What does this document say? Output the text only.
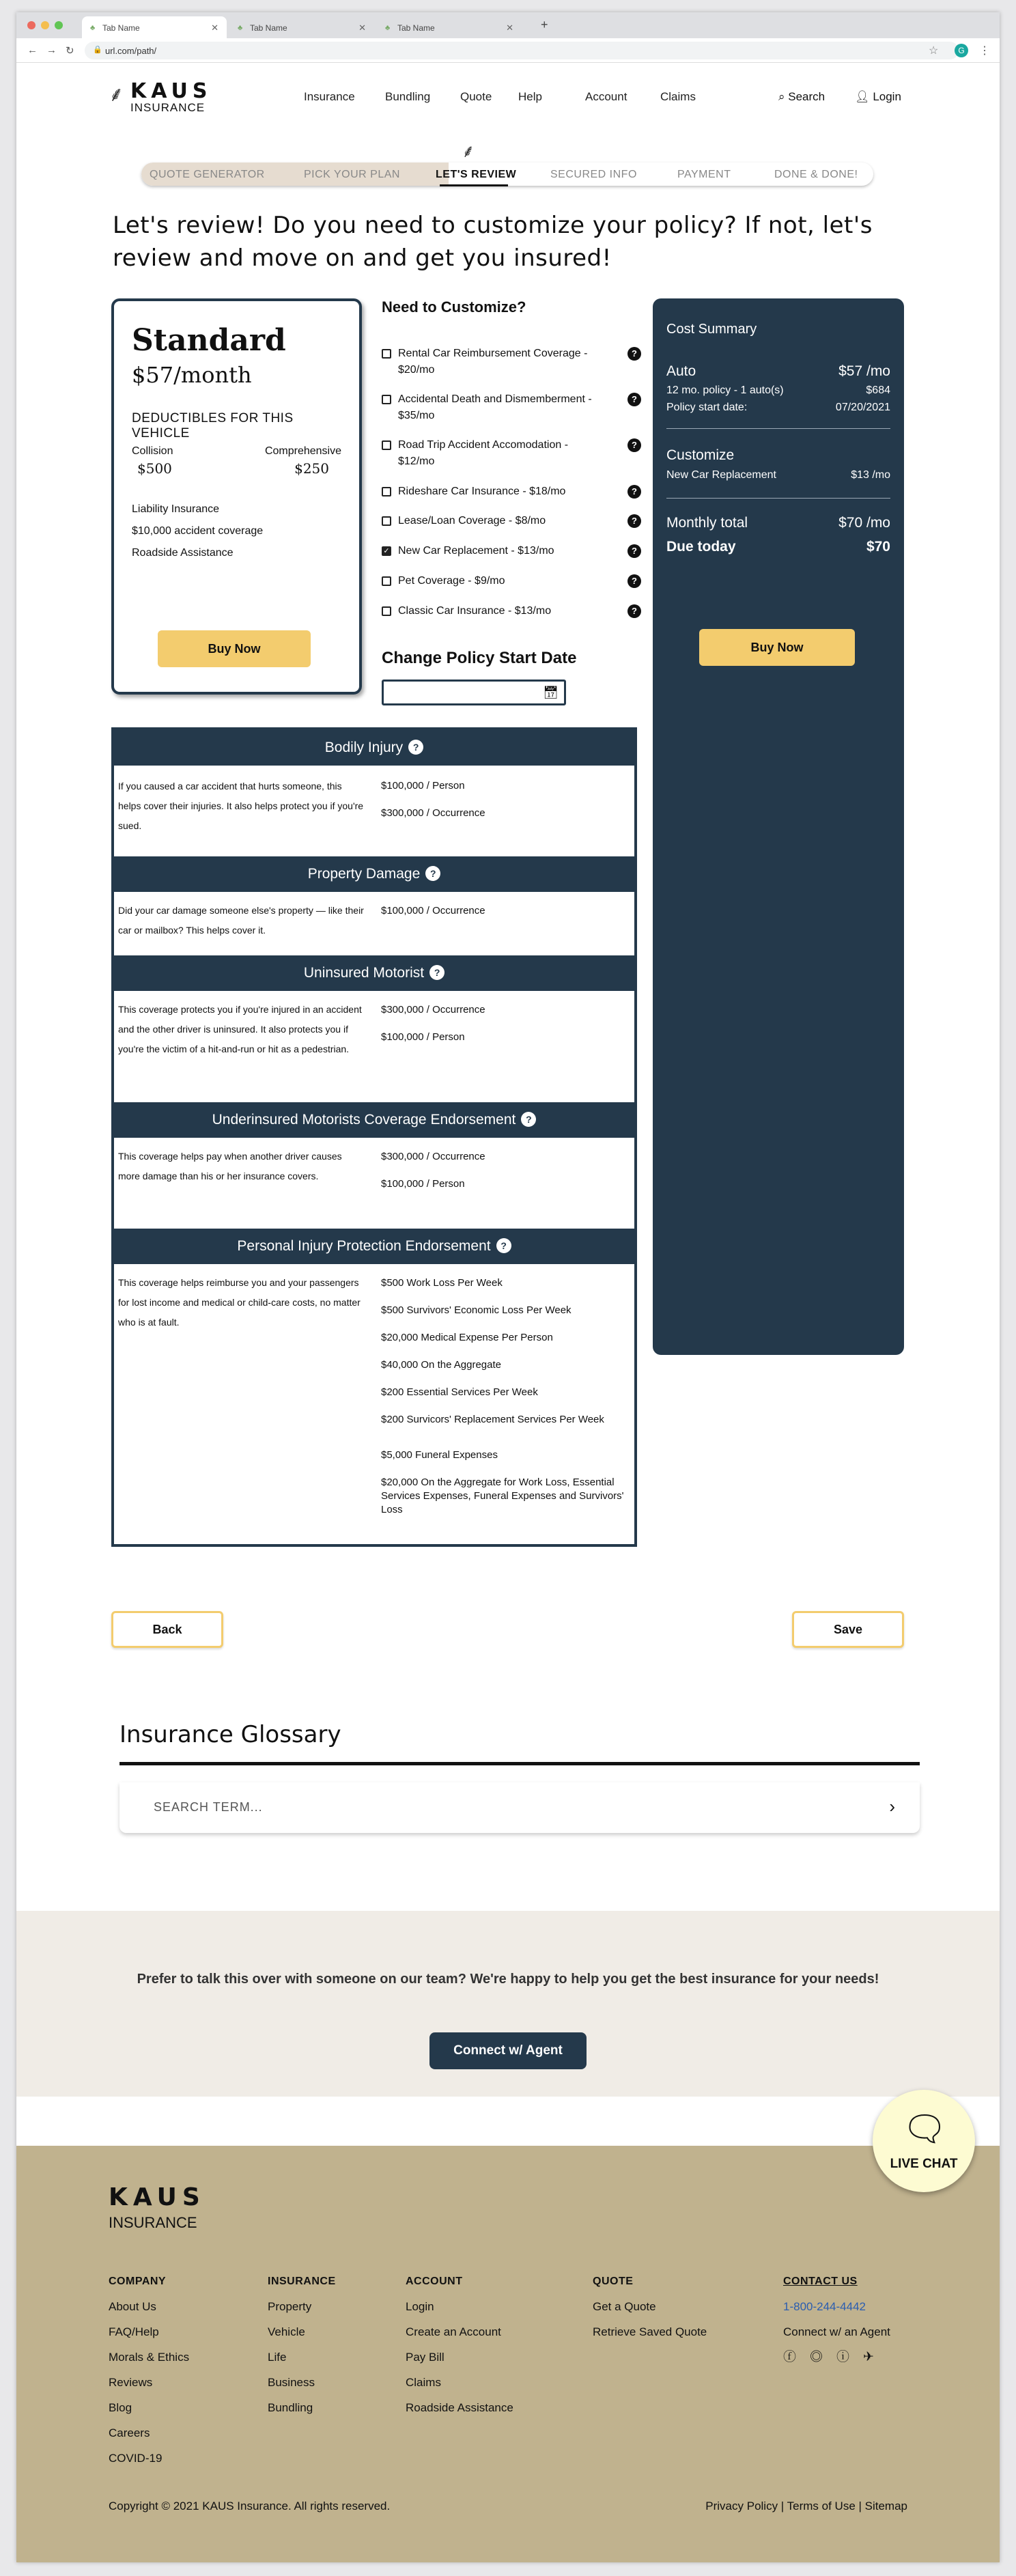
♣ Tab Name	✕	♣ Tab Name	✕	♣ Tab Name	✕ +
← → ↻ 🔒 url.com/path/	☆	G	⋮
⸙ KAUS
INSURANCE
Insurance	Bundling	Quote Help	Account	Claims	⌕ Search	👤︎ Login
⸙
QUOTE GENERATOR	PICK YOUR PLAN	LET'S REVIEW	SECURED INFO	PAYMENT	DONE & DONE!
Let's review! Do you need to customize your policy? If not, let's review and move on and get you insured!
Standard
$57/month
DEDUCTIBLES FOR THIS VEHICLE
Collision	Comprehensive
$500	$250
Liability Insurance
$10,000 accident coverage
Roadside Assistance
Buy Now
Need to Customize?
Rental Car Reimbursement Coverage - $20/mo
?
Accidental Death and Dismemberment - $35/mo
?
Road Trip Accident Accomodation - $12/mo
?
Rideshare Car Insurance - $18/mo	?
Lease/Loan Coverage - $8/mo	?
✓ New Car Replacement - $13/mo	?
Pet Coverage - $9/mo	?
Classic Car Insurance - $13/mo	?
Change Policy Start Date
📅︎
Cost Summary
Auto	$57 /mo
12 mo. policy - 1 auto(s)	$684
Policy start date:	07/20/2021
Customize
New Car Replacement	$13 /mo
Monthly total	$70 /mo
Due today	$70
Buy Now
Bodily Injury ?
If you caused a car accident that hurts someone, this helps cover their injuries. It also helps protect you if you're sued.
$100,000 / Person
$300,000 / Occurrence
Property Damage ?
Did your car damage someone else's property — like their car or mailbox? This helps cover it.
$100,000 / Occurrence
Uninsured Motorist ?
This coverage protects you if you're injured in an accident and the other driver is uninsured. It also protects you if you're the victim of a hit-and-run or hit as a pedestrian.
$300,000 / Occurrence
$100,000 / Person
Underinsured Motorists Coverage Endorsement ?
This coverage helps pay when another driver causes more damage than his or her insurance covers.
$300,000 / Occurrence
$100,000 / Person
Personal Injury Protection Endorsement ?
This coverage helps reimburse you and your passengers for lost income and medical or child-care costs, no matter who is at fault.
$500 Work Loss Per Week
$500 Survivors' Economic Loss Per Week
$20,000 Medical Expense Per Person
$40,000 On the Aggregate
$200 Essential Services Per Week
$200 Survicors' Replacement Services Per Week
$5,000 Funeral Expenses
$20,000 On the Aggregate for Work Loss, Essential Services Expenses, Funeral Expenses and Survivors' Loss
Back	Save
Insurance Glossary
SEARCH TERM...	›
Prefer to talk this over with someone on our team? We're happy to help you get the best insurance for your needs!
Connect w/ Agent
KAUS
INSURANCE
COMPANY
About Us
FAQ/Help
Morals & Ethics
Reviews
Blog
Careers
COVID-19
INSURANCE
Property
Vehicle
Life
Business
Bundling
ACCOUNT
Login
Create an Account
Pay Bill
Claims
Roadside Assistance
QUOTE
Get a Quote
Retrieve Saved Quote
CONTACT US
1-800-244-4442
Connect w/ an Agent
ⓕ◎ⓘ✈︎
Copyright © 2021 KAUS Insurance. All rights reserved.	Privacy Policy | Terms of Use | Sitemap
🗨︎
LIVE CHAT
